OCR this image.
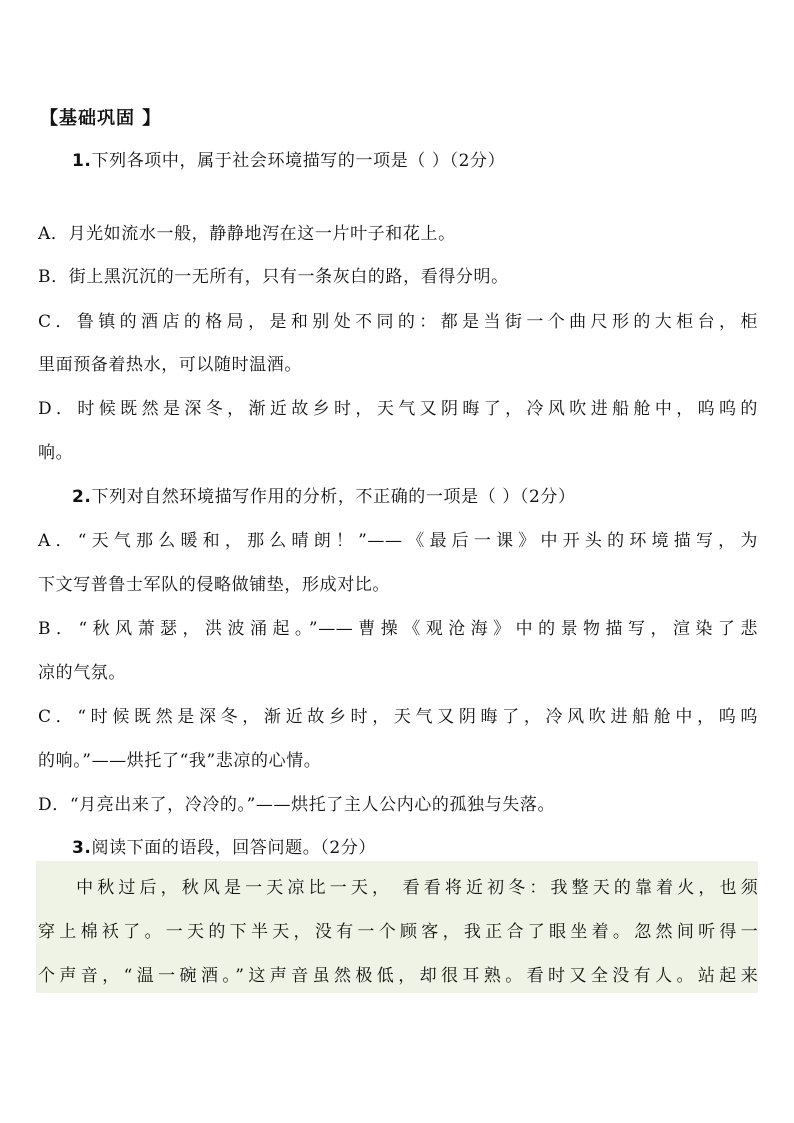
【基础巩固 】
1.下列各项中，属于社会环境描写的一项是（ ）（2分）
A．月光如流水一般，静静地泻在这一片叶子和花上。
B．街上黑沉沉的一无所有，只有一条灰白的路，看得分明。
C．鲁镇的酒店的格局，是和别处不同的：都是当街一个曲尺形的大柜台，柜
里面预备着热水，可以随时温酒。
D．时候既然是深冬，渐近故乡时，天气又阴晦了，冷风吹进船舱中，呜呜的
响。
2.下列对自然环境描写作用的分析，不正确的一项是（ ）（2分）
A．“天气那么暖和，那么晴朗！”——《最后一课》中开头的环境描写，为
下文写普鲁士军队的侵略做铺垫，形成对比。
B．“秋风萧瑟，洪波涌起。”——曹操《观沧海》中的景物描写，渲染了悲
凉的气氛。
C．“时候既然是深冬，渐近故乡时，天气又阴晦了，冷风吹进船舱中，呜呜
的响。”——烘托了“我”悲凉的心情。
D．“月亮出来了，冷冷的。”——烘托了主人公内心的孤独与失落。
3.阅读下面的语段，回答问题。（2分）
中秋过后，秋风是一天凉比一天， 看看将近初冬：我整天的靠着火，也须
穿上棉袄了。一天的下半天，没有一个顾客，我正合了眼坐着。忽然间听得一
个声音，“温一碗酒。”这声音虽然极低，却很耳熟。看时又全没有人。站起来
